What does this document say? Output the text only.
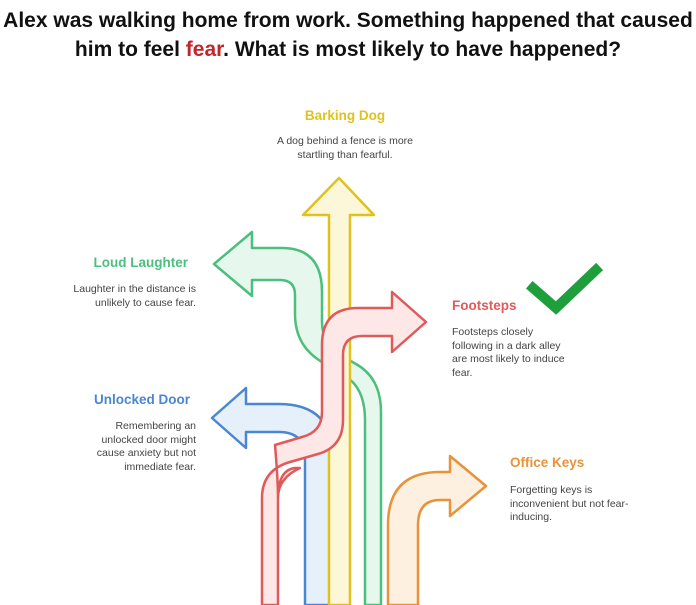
Alex was walking home from work. Something happened that caused him to feel fear. What is most likely to have happened?
Barking Dog
A dog behind a fence is more startling than fearful.
Loud Laughter
Laughter in the distance is unlikely to cause fear.	Footsteps
Footsteps closely following in a dark alley are most likely to induce fear.
Unlocked Door
Remembering an unlocked door might cause anxiety but not immediate fear.	Office Keys
Forgetting keys is inconvenient but not fear-inducing.
